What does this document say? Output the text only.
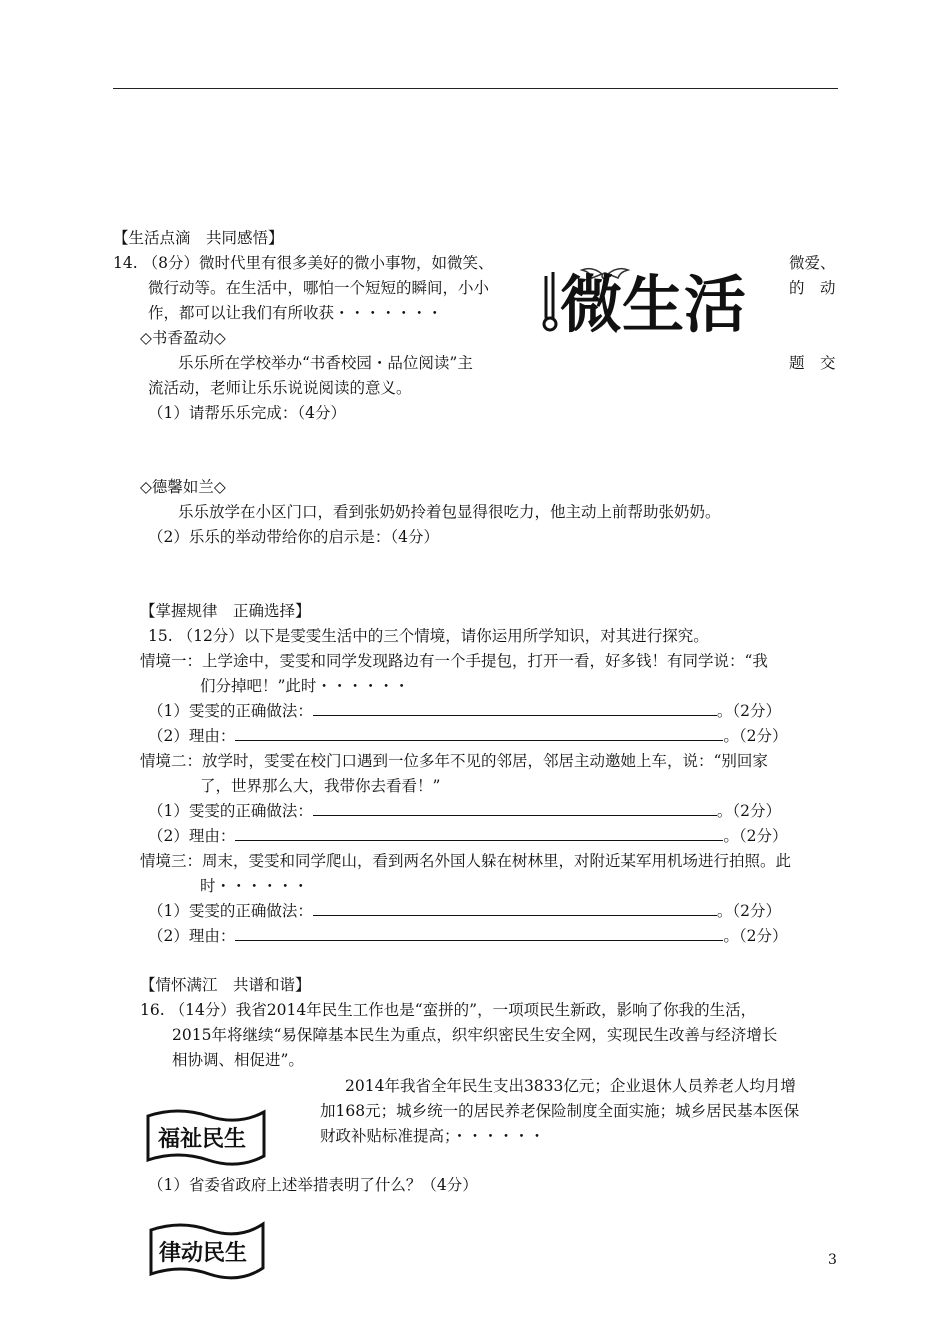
【生活点滴　共同感悟】
14. （8分）微时代里有很多美好的微小事物，如微笑、	微爱、
微行动等。在生活中，哪怕一个短短的瞬间，小小	的　动
作，都可以让我们有所收获・・・・・・・ 微生活
◇书香盈动◇
乐乐所在学校举办“书香校园・品位阅读”主	题　交
流活动，老师让乐乐说说阅读的意义。
（1）请帮乐乐完成：（4分）
◇德馨如兰◇
乐乐放学在小区门口，看到张奶奶拎着包显得很吃力，他主动上前帮助张奶奶。
（2）乐乐的举动带给你的启示是：（4分）
【掌握规律　正确选择】
15. （12分）以下是雯雯生活中的三个情境，请你运用所学知识，对其进行探究。
情境一：上学途中，雯雯和同学发现路边有一个手提包，打开一看，好多钱！有同学说：“我
们分掉吧！”此时・・・・・・
（1）雯雯的正确做法：	。（2分）
（2）理由：	。（2分）
情境二：放学时，雯雯在校门口遇到一位多年不见的邻居，邻居主动邀她上车，说：“别回家
了，世界那么大，我带你去看看！”
（1）雯雯的正确做法：	。（2分）
（2）理由：	。（2分）
情境三：周末，雯雯和同学爬山，看到两名外国人躲在树林里，对附近某军用机场进行拍照。此
时・・・・・・
（1）雯雯的正确做法：	。（2分）
（2）理由：	。（2分）
【情怀满江　共谱和谐】
16. （14分）我省2014年民生工作也是“蛮拼的”，一项项民生新政，影响了你我的生活，
2015年将继续“易保障基本民生为重点，织牢织密民生安全网，实现民生改善与经济增长
相协调、相促进”。
福祉民生
2014年我省全年民生支出3833亿元；企业退休人员养老人均月增
加168元；城乡统一的居民养老保险制度全面实施；城乡居民基本医保
财政补贴标准提高；・・・・・・
（1）省委省政府上述举措表明了什么？（4分）
律动民生	3
